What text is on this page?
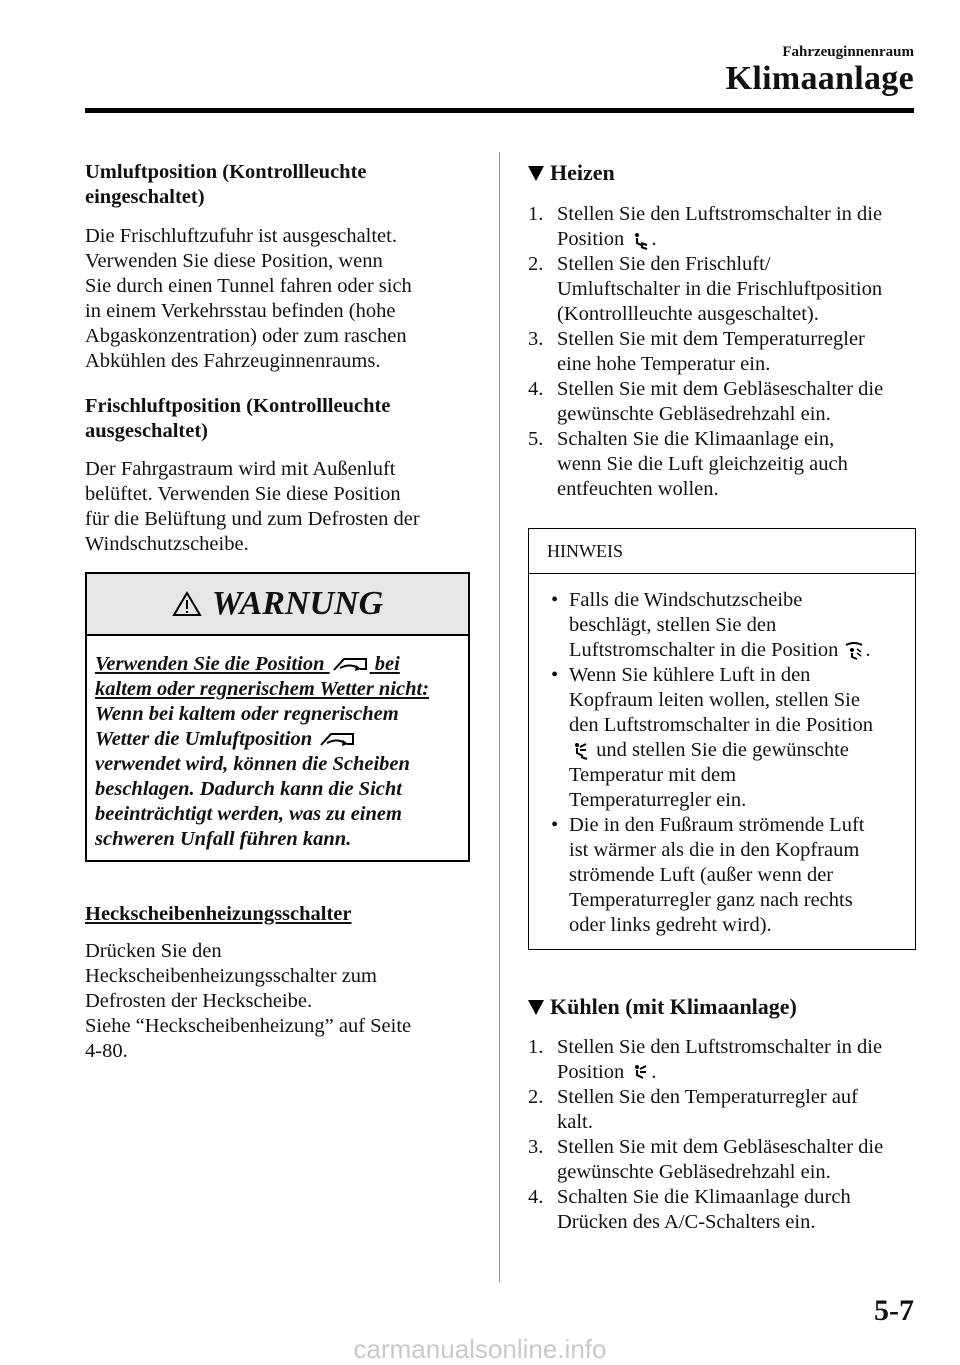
Fahrzeuginnenraum
Klimaanlage
Umluftposition (Kontrollleuchte
eingeschaltet)
Die Frischluftzufuhr ist ausgeschaltet.
Verwenden Sie diese Position, wenn
Sie durch einen Tunnel fahren oder sich
in einem Verkehrsstau befinden (hohe
Abgaskonzentration) oder zum raschen
Abkühlen des Fahrzeuginnenraums.
Frischluftposition (Kontrollleuchte
ausgeschaltet)
Der Fahrgastraum wird mit Außenluft
belüftet. Verwenden Sie diese Position
für die Belüftung und zum Defrosten der
Windschutzscheibe.
WARNUNG
Verwenden Sie die Position bei
kaltem oder regnerischem Wetter nicht:
Wenn bei kaltem oder regnerischem
Wetter die Umluftposition
verwendet wird, können die Scheiben
beschlagen. Dadurch kann die Sicht
beeinträchtigt werden, was zu einem
schweren Unfall führen kann.
Heckscheibenheizungsschalter
Drücken Sie den
Heckscheibenheizungsschalter zum
Defrosten der Heckscheibe.
Siehe “Heckscheibenheizung” auf Seite
4-80.
Heizen
1. Stellen Sie den Luftstromschalter in die
Position .
2. Stellen Sie den Frischluft/
Umluftschalter in die Frischluftposition
(Kontrollleuchte ausgeschaltet).
3. Stellen Sie mit dem Temperaturregler
eine hohe Temperatur ein.
4. Stellen Sie mit dem Gebläseschalter die
gewünschte Gebläsedrehzahl ein.
5. Schalten Sie die Klimaanlage ein,
wenn Sie die Luft gleichzeitig auch
entfeuchten wollen.
HINWEIS
• Falls die Windschutzscheibe
beschlägt, stellen Sie den
Luftstromschalter in die Position .
• Wenn Sie kühlere Luft in den
Kopfraum leiten wollen, stellen Sie
den Luftstromschalter in die Position
und stellen Sie die gewünschte
Temperatur mit dem
Temperaturregler ein.
• Die in den Fußraum strömende Luft
ist wärmer als die in den Kopfraum
strömende Luft (außer wenn der
Temperaturregler ganz nach rechts
oder links gedreht wird).
Kühlen (mit Klimaanlage)
1. Stellen Sie den Luftstromschalter in die
Position .
2. Stellen Sie den Temperaturregler auf
kalt.
3. Stellen Sie mit dem Gebläseschalter die
gewünschte Gebläsedrehzahl ein.
4. Schalten Sie die Klimaanlage durch
Drücken des A/C-Schalters ein.
5-7
carmanualsonline.info
